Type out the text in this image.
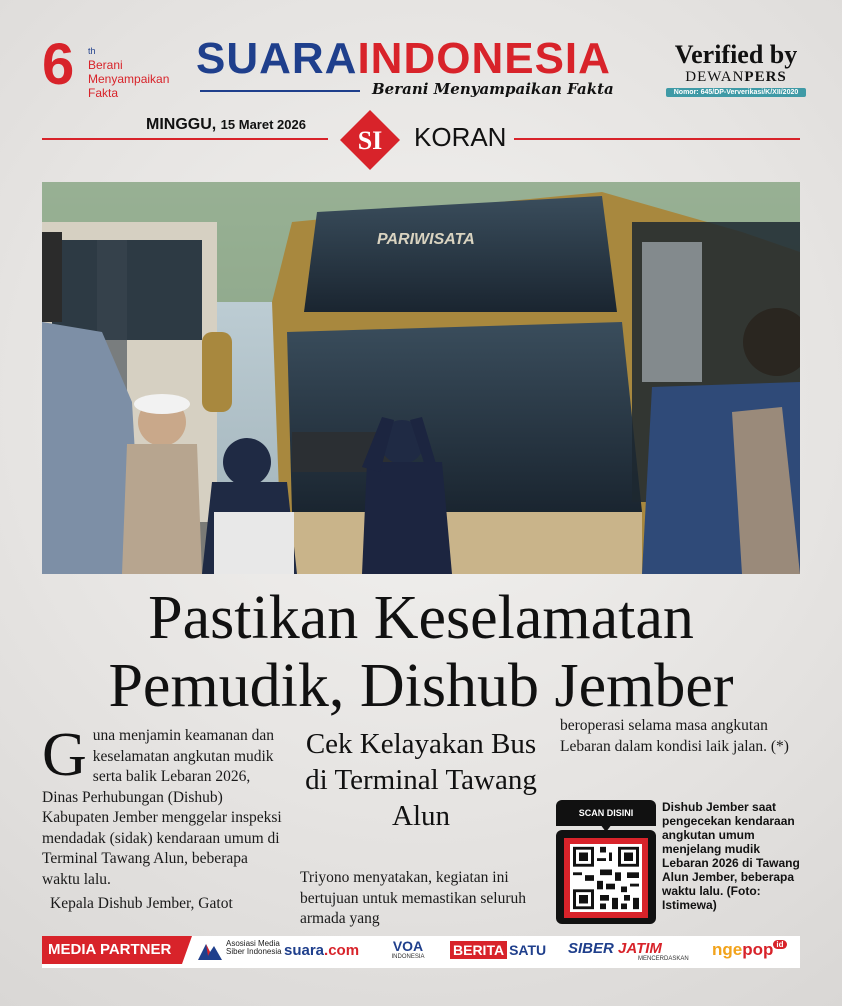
6 th
Berani Menyampaikan Fakta
SUARAINDONESIA
Berani Menyampaikan Fakta
Verified by
DEWANPERS
Nomor: 645/DP-Ververikasi/K/XII/2020
MINGGU, 15 Maret 2026
SI KORAN
PARIWISATA
Pastikan Keselamatan
Pemudik, Dishub Jember
Guna menjamin keamanan dan keselamatan angkutan mudik serta balik Lebaran 2026, Dinas Perhubungan (Dishub) Kabupaten Jember menggelar inspeksi mendadak (sidak) kendaraan umum di Terminal Tawang Alun, beberapa waktu lalu.
Kepala Dishub Jember, Gatot
Cek Kelayakan Bus di Terminal Tawang Alun
Triyono menyatakan, kegiatan ini bertujuan untuk memastikan seluruh armada yang
beroperasi selama masa angkutan Lebaran dalam kondisi laik jalan. (*)
SCAN DISINI	Dishub Jember saat pengecekan kendaraan angkutan umum menjelang mudik Lebaran 2026 di Tawang Alun Jember, beberapa waktu lalu. (Foto: Istimewa)
MEDIA PARTNER	Asosiasi Media Siber Indonesia suara.com	VOA
INDONESIA BERITA SATU SIBER JATIM
MENCERDASKAN ngepop id
